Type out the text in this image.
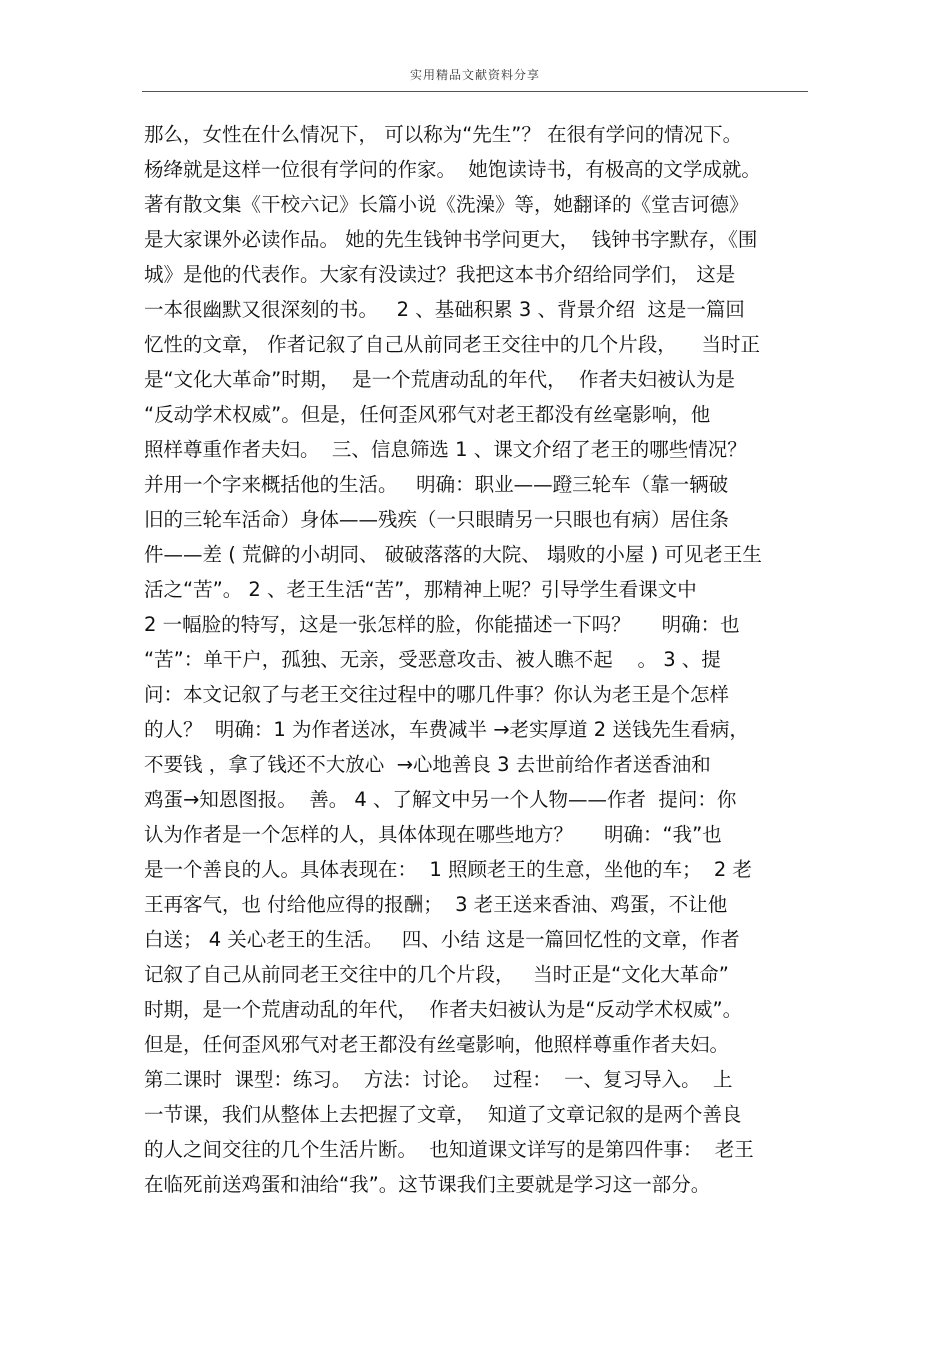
实用精品文献资料分享
那么，女性在什么情况下， 可以称为“先生”？ 在很有学问的情况下。
杨绛就是这样一位很有学问的作家。  她饱读诗书，有极高的文学成就。
著有散文集《干校六记》长篇小说《洗澡》等，她翻译的《堂吉诃德》
是大家课外必读作品。 她的先生钱钟书学问更大，  钱钟书字默存，《围
城》是他的代表作。大家有没读过？我把这本书介绍给同学们， 这是
一本很幽默又很深刻的书。   2 、基础积累 3 、背景介绍  这是一篇回
忆性的文章， 作者记叙了自己从前同老王交往中的几个片段，    当时正
是“文化大革命”时期，  是一个荒唐动乱的年代，  作者夫妇被认为是
“反动学术权威”。但是，任何歪风邪气对老王都没有丝毫影响，他
照样尊重作者夫妇。  三、信息筛选 1 、课文介绍了老王的哪些情况？
并用一个字来概括他的生活。   明确：职业——蹬三轮车（靠一辆破
旧的三轮车活命）身体——残疾（一只眼睛另一只眼也有病）居住条
件——差 ( 荒僻的小胡同、 破破落落的大院、 塌败的小屋 ) 可见老王生
活之“苦”。 2 、老王生活“苦”，那精神上呢？引导学生看课文中
2 一幅脸的特写，这是一张怎样的脸，你能描述一下吗？     明确：也
“苦”：单干户，孤独、无亲，受恶意攻击、被人瞧不起    。 3 、提
问：本文记叙了与老王交往过程中的哪几件事？你认为老王是个怎样
的人？  明确：1 为作者送冰，车费减半 →老实厚道 2 送钱先生看病，
不要钱 ，拿了钱还不大放心  →心地善良 3 去世前给作者送香油和
鸡蛋→知恩图报。  善。 4 、了解文中另一个人物——作者  提问：你
认为作者是一个怎样的人，具体体现在哪些地方？     明确：“我”也
是一个善良的人。具体表现在：  1 照顾老王的生意，坐他的车；  2 老
王再客气，也 付给他应得的报酬；  3 老王送来香油、鸡蛋，不让他
白送； 4 关心老王的生活。   四、小结 这是一篇回忆性的文章，作者
记叙了自己从前同老王交往中的几个片段，   当时正是“文化大革命”
时期，是一个荒唐动乱的年代，  作者夫妇被认为是“反动学术权威”。
但是，任何歪风邪气对老王都没有丝毫影响，他照样尊重作者夫妇。
第二课时  课型：练习。  方法：讨论。  过程：  一、复习导入。  上
一节课，我们从整体上去把握了文章，  知道了文章记叙的是两个善良
的人之间交往的几个生活片断。  也知道课文详写的是第四件事：  老王
在临死前送鸡蛋和油给“我”。这节课我们主要就是学习这一部分。
